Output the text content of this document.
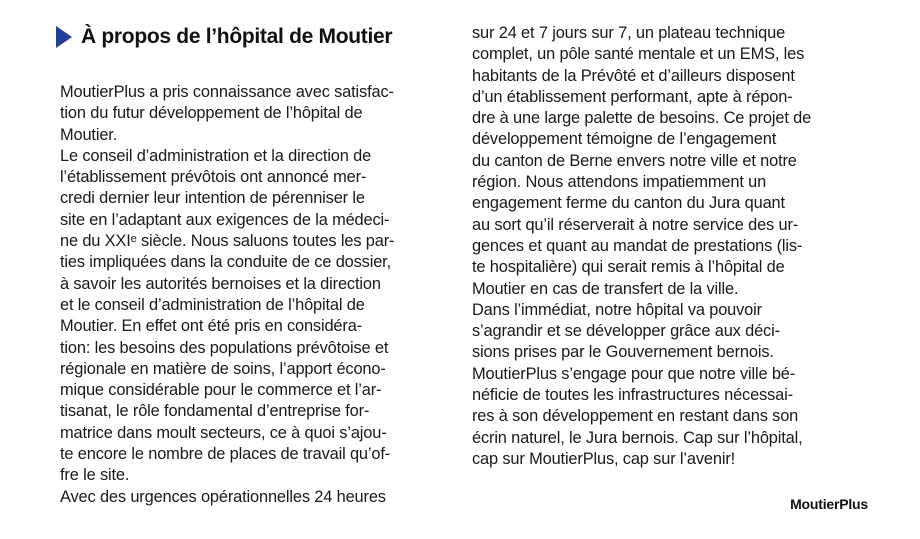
À propos de l’hôpital de Moutier
MoutierPlus a pris connaissance avec satisfac-
tion du futur développement de l’hôpital de
Moutier.
Le conseil d’administration et la direction de
l’établissement prévôtois ont annoncé mer-
credi dernier leur intention de pérenniser le
site en l’adaptant aux exigences de la médeci-
ne du XXIᵉ siècle. Nous saluons toutes les par-
ties impliquées dans la conduite de ce dossier,
à savoir les autorités bernoises et la direction
et le conseil d’administration de l’hôpital de
Moutier. En effet ont été pris en considéra-
tion: les besoins des populations prévôtoise et
régionale en matière de soins, l’apport écono-
mique considérable pour le commerce et l’ar-
tisanat, le rôle fondamental d’entreprise for-
matrice dans moult secteurs, ce à quoi s’ajou-
te encore le nombre de places de travail qu’of-
fre le site.
Avec des urgences opérationnelles 24 heures
sur 24 et 7 jours sur 7, un plateau technique
complet, un pôle santé mentale et un EMS, les
habitants de la Prévôté et d’ailleurs disposent
d’un établissement performant, apte à répon-
dre à une large palette de besoins. Ce projet de
développement témoigne de l’engagement
du canton de Berne envers notre ville et notre
région. Nous attendons impatiemment un
engagement ferme du canton du Jura quant
au sort qu’il réserverait à notre service des ur-
gences et quant au mandat de prestations (lis-
te hospitalière) qui serait remis à l’hôpital de
Moutier en cas de transfert de la ville.
Dans l’immédiat, notre hôpital va pouvoir
s’agrandir et se développer grâce aux déci-
sions prises par le Gouvernement bernois.
MoutierPlus s’engage pour que notre ville bé-
néficie de toutes les infrastructures nécessai-
res à son développement en restant dans son
écrin naturel, le Jura bernois. Cap sur l’hôpital,
cap sur MoutierPlus, cap sur l’avenir!
MoutierPlus
